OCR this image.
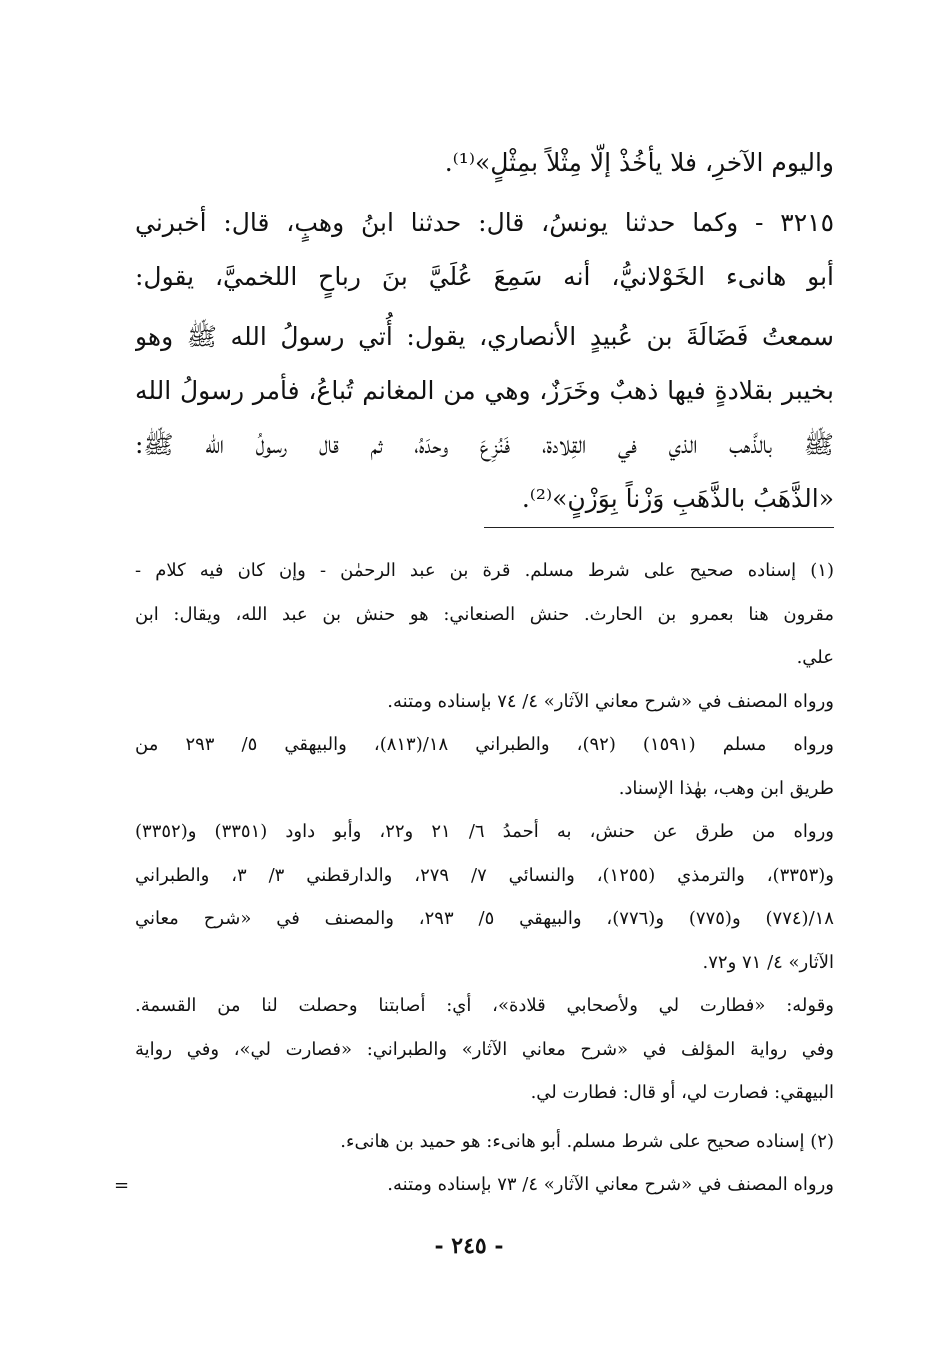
واليوم الآخرِ، فلا يأخُذْ إلّا مِثْلاً بمِثْلٍ»⁽¹⁾.
٣٢١٥ - وكما حدثنا يونسُ، قال: حدثنا ابنُ وهبٍ، قال: أخبرني
أبو هانىء الخَوْلانيُّ، أنه سَمِعَ عُلَيَّ بنَ رباحٍ اللخميَّ، يقول:
سمعتُ فَضَالَةَ بن عُبيدٍ الأنصاري، يقول: أُتي رسولُ الله ﷺ وهو
بخيبر بقلادةٍ فيها ذهبٌ وخَرَزٌ، وهي من المغانم تُباعُ، فأمر رسولُ الله
ﷺ بالذَّهب الذي في القِلادة، فَنُزِعَ وحدَهُ، ثم قال رسولُ الله ﷺ:
«الذَّهَبُ بالذَّهَبِ وَزْناً بِوَزْنٍ»⁽²⁾.
(١) إسناده صحيح على شرط مسلم. قرة بن عبد الرحمٰن - وإن كان فيه كلام -
مقرون هنا بعمرو بن الحارث. حنش الصنعاني: هو حنش بن عبد الله، ويقال: ابن
علي.
ورواه المصنف في «شرح معاني الآثار» ٤/ ٧٤ بإسناده ومتنه.
ورواه مسلم (١٥٩١) (٩٢)، والطبراني ١٨/(٨١٣)، والبيهقي ٥/ ٢٩٣ من
طريق ابن وهب، بهٰذا الإسناد.
ورواه من طرق عن حنش، به أحمدُ ٦/ ٢١ و٢٢، وأبو داود (٣٣٥١) و(٣٣٥٢)
و(٣٣٥٣)، والترمذي (١٢٥٥)، والنسائي ٧/ ٢٧٩، والدارقطني ٣/ ٣، والطبراني
١٨/(٧٧٤) و(٧٧٥) و(٧٧٦)، والبيهقي ٥/ ٢٩٣، والمصنف في «شرح معاني
الآثار» ٤/ ٧١ و٧٢.
وقوله: «فطارت لي ولأصحابي قلادة»، أي: أصابتنا وحصلت لنا من القسمة.
وفي رواية المؤلف في «شرح معاني الآثار» والطبراني: «فصارت لي»، وفي رواية
البيهقي: فصارت لي، أو قال: فطارت لي.
(٢) إسناده صحيح على شرط مسلم. أبو هانىء: هو حميد بن هانىء.
ورواه المصنف في «شرح معاني الآثار» ٤/ ٧٣ بإسناده ومتنه.
=
- ٢٤٥ -
